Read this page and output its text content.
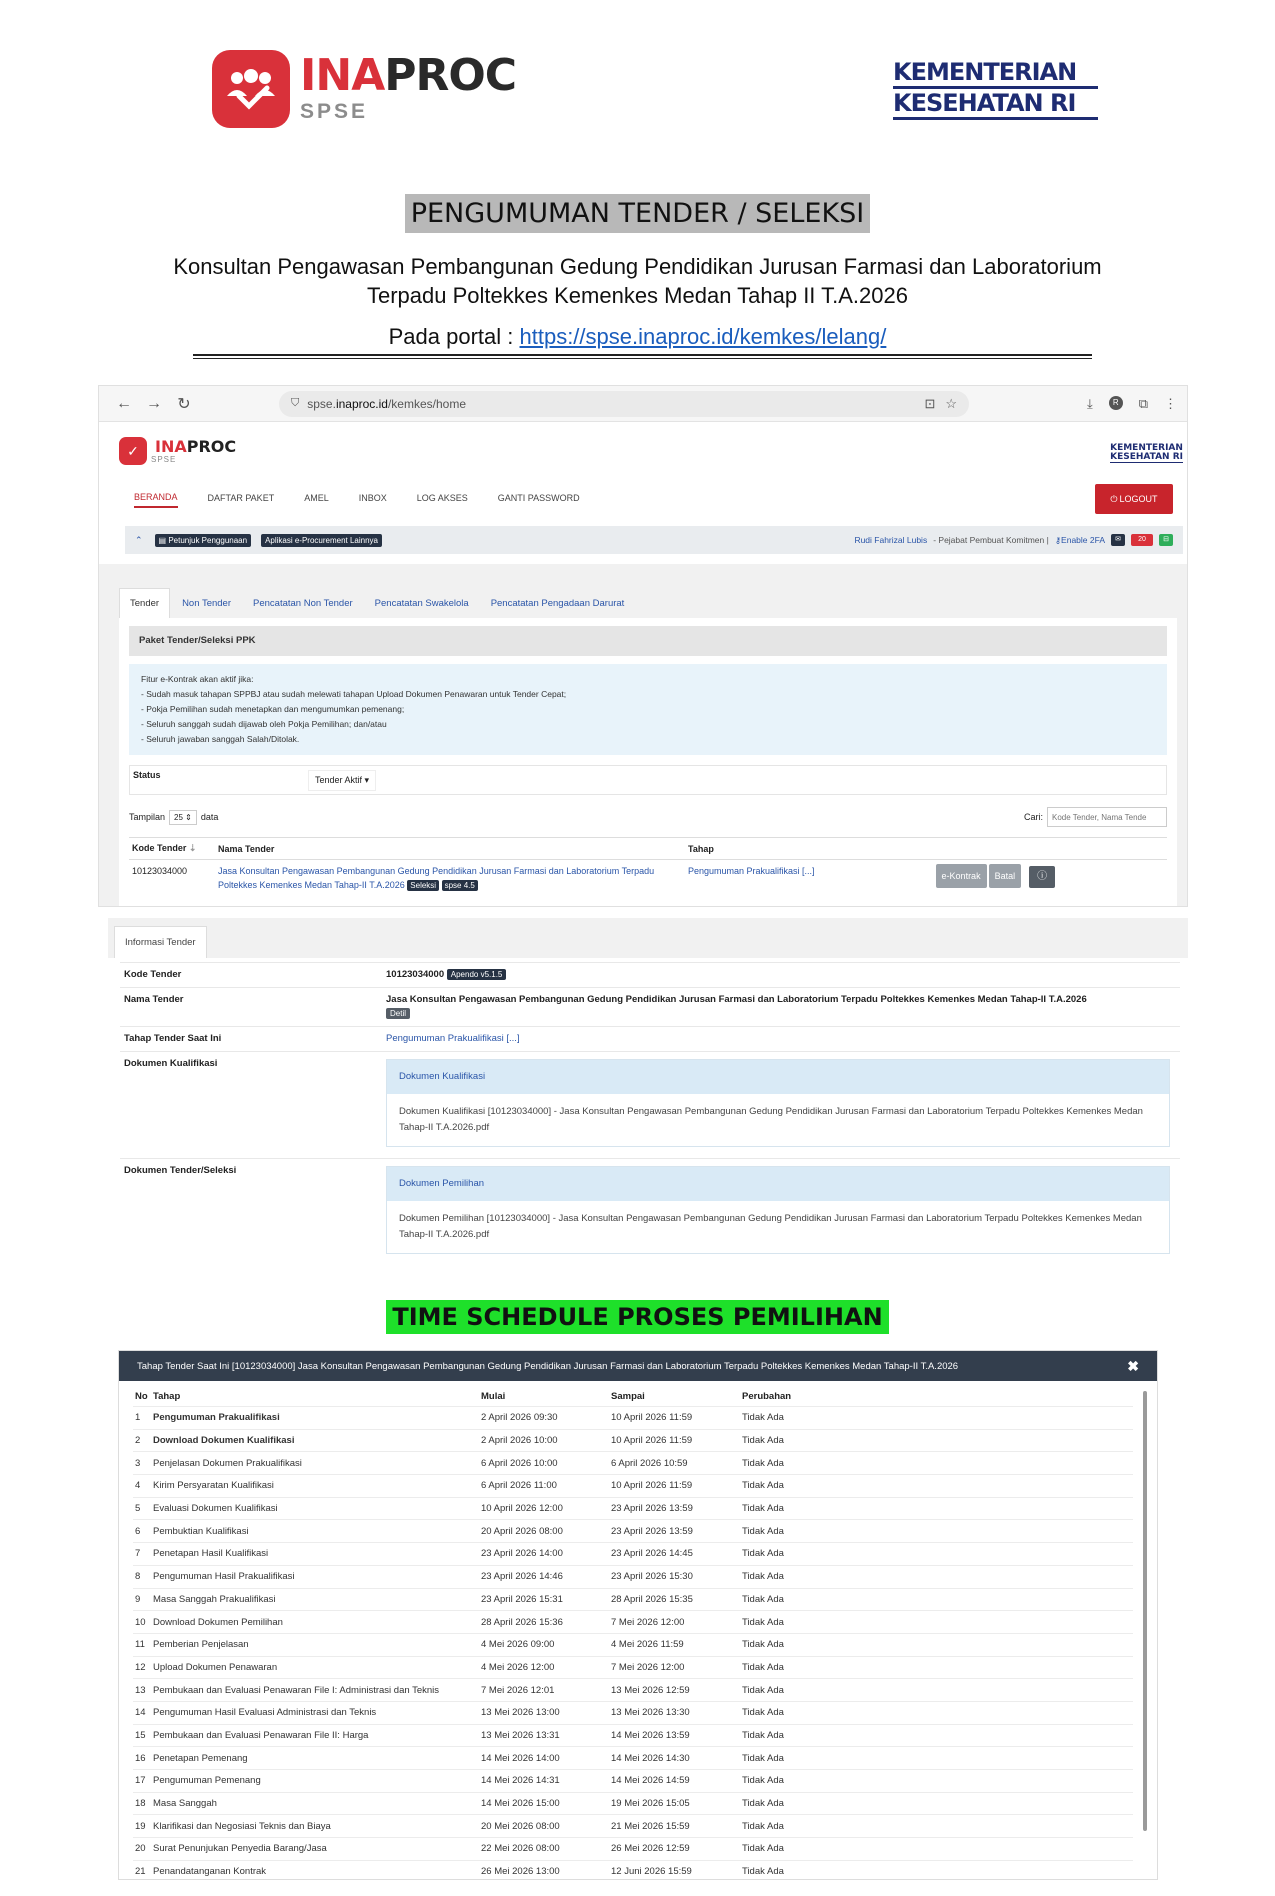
INAPROC
SPSE
KEMENTERIAN
KESEHATAN RI
PENGUMUMAN TENDER / SELEKSI
Konsultan Pengawasan Pembangunan Gedung Pendidikan Jurusan Farmasi dan Laboratorium Terpadu Poltekkes Kemenkes Medan Tahap II T.A.2026
Pada portal : https://spse.inaproc.id/kemkes/lelang/
← → ↻	⛉ spse.inaproc.id/kemkes/home	⊡ ☆	⤓	R	⧉ ⋮
✓	INAPROC
SPSE
KEMENTERIAN
KESEHATAN RI
BERANDA	DAFTAR PAKET	AMEL	INBOX	LOG AKSES	GANTI PASSWORD	⏻ LOGOUT
⌃	▤ Petunjuk Penggunaan	Aplikasi e-Procurement Lainnya	Rudi Fahrizal Lubis - Pejabat Pembuat Komitmen | ⚷Enable 2FA	✉	20	⊟
Tender	Non Tender	Pencatatan Non Tender	Pencatatan Swakelola	Pencatatan Pengadaan Darurat
Paket Tender/Seleksi PPK
Fitur e-Kontrak akan aktif jika:
- Sudah masuk tahapan SPPBJ atau sudah melewati tahapan Upload Dokumen Penawaran untuk Tender Cepat;
- Pokja Pemilihan sudah menetapkan dan mengumumkan pemenang;
- Seluruh sanggah sudah dijawab oleh Pokja Pemilihan; dan/atau
- Seluruh jawaban sanggah Salah/Ditolak.
Status	Tender Aktif ▾
Tampilan	25 ⇕	data	Cari:
Kode Tender, Nama Tende
Kode Tender ⇣	Nama Tender	Tahap	
10123034000	Jasa Konsultan Pengawasan Pembangunan Gedung Pendidikan Jurusan Farmasi dan Laboratorium Terpadu Poltekkes Kemenkes Medan Tahap-II T.A.2026 Seleksi spse 4.5	Pengumuman Prakualifikasi [...]	e-Kontrak Batal ⓘ
Informasi Tender
Kode Tender	10123034000 Apendo v5.1.5
Nama Tender	Jasa Konsultan Pengawasan Pembangunan Gedung Pendidikan Jurusan Farmasi dan Laboratorium Terpadu Poltekkes Kemenkes Medan Tahap-II T.A.2026
Detil
Tahap Tender Saat Ini	Pengumuman Prakualifikasi [...]
Dokumen Kualifikasi	Dokumen Kualifikasi
Dokumen Kualifikasi [10123034000] - Jasa Konsultan Pengawasan Pembangunan Gedung Pendidikan Jurusan Farmasi dan Laboratorium Terpadu Poltekkes Kemenkes Medan Tahap-II T.A.2026.pdf

Dokumen Tender/Seleksi	Dokumen Pemilihan
Dokumen Pemilihan [10123034000] - Jasa Konsultan Pengawasan Pembangunan Gedung Pendidikan Jurusan Farmasi dan Laboratorium Terpadu Poltekkes Kemenkes Medan Tahap-II T.A.2026.pdf
TIME SCHEDULE PROSES PEMILIHAN
Tahap Tender Saat Ini [10123034000] Jasa Konsultan Pengawasan Pembangunan Gedung Pendidikan Jurusan Farmasi dan Laboratorium Terpadu Poltekkes Kemenkes Medan Tahap-II T.A.2026	✖
No	Tahap	Mulai	Sampai	Perubahan
1	Pengumuman Prakualifikasi	2 April 2026 09:30	10 April 2026 11:59	Tidak Ada
2	Download Dokumen Kualifikasi	2 April 2026 10:00	10 April 2026 11:59	Tidak Ada
3	Penjelasan Dokumen Prakualifikasi	6 April 2026 10:00	6 April 2026 10:59	Tidak Ada
4	Kirim Persyaratan Kualifikasi	6 April 2026 11:00	10 April 2026 11:59	Tidak Ada
5	Evaluasi Dokumen Kualifikasi	10 April 2026 12:00	23 April 2026 13:59	Tidak Ada
6	Pembuktian Kualifikasi	20 April 2026 08:00	23 April 2026 13:59	Tidak Ada
7	Penetapan Hasil Kualifikasi	23 April 2026 14:00	23 April 2026 14:45	Tidak Ada
8	Pengumuman Hasil Prakualifikasi	23 April 2026 14:46	23 April 2026 15:30	Tidak Ada
9	Masa Sanggah Prakualifikasi	23 April 2026 15:31	28 April 2026 15:35	Tidak Ada
10	Download Dokumen Pemilihan	28 April 2026 15:36	7 Mei 2026 12:00	Tidak Ada
11	Pemberian Penjelasan	4 Mei 2026 09:00	4 Mei 2026 11:59	Tidak Ada
12	Upload Dokumen Penawaran	4 Mei 2026 12:00	7 Mei 2026 12:00	Tidak Ada
13	Pembukaan dan Evaluasi Penawaran File I: Administrasi dan Teknis	7 Mei 2026 12:01	13 Mei 2026 12:59	Tidak Ada
14	Pengumuman Hasil Evaluasi Administrasi dan Teknis	13 Mei 2026 13:00	13 Mei 2026 13:30	Tidak Ada
15	Pembukaan dan Evaluasi Penawaran File II: Harga	13 Mei 2026 13:31	14 Mei 2026 13:59	Tidak Ada
16	Penetapan Pemenang	14 Mei 2026 14:00	14 Mei 2026 14:30	Tidak Ada
17	Pengumuman Pemenang	14 Mei 2026 14:31	14 Mei 2026 14:59	Tidak Ada
18	Masa Sanggah	14 Mei 2026 15:00	19 Mei 2026 15:05	Tidak Ada
19	Klarifikasi dan Negosiasi Teknis dan Biaya	20 Mei 2026 08:00	21 Mei 2026 15:59	Tidak Ada
20	Surat Penunjukan Penyedia Barang/Jasa	22 Mei 2026 08:00	26 Mei 2026 12:59	Tidak Ada
21	Penandatanganan Kontrak	26 Mei 2026 13:00	12 Juni 2026 15:59	Tidak Ada
